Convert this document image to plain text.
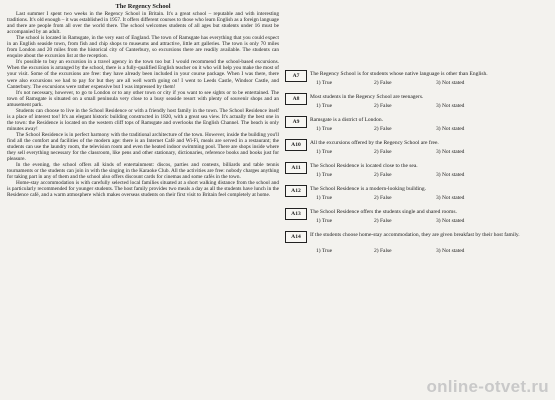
The Regency School

Last summer I spent two weeks in the Regency School in Britain. It's a great school – reputable and with interesting traditions. It's old enough – it was established in 1957. It offers different courses to those who learn English as a foreign language and there are people from all over the world there. The school welcomes students of all ages but students under 16 must be accompanied by an adult.

The school is located in Ramsgate, in the very east of England. The town of Ramsgate has everything that you could expect in an English seaside town, from fish and chip shops to museums and attractive, little art galleries. The town is only 70 miles from London and 20 miles from the historical city of Canterbury, so excursions there are readily available. The students can enquire about the excursion list at the reception.

It's possible to buy an excursion in a travel agency in the town too but I would recommend the school-based excursions. When the excursion is arranged by the school, there is a fully-qualified English teacher on it who will help you make the most of your visit. Some of the excursions are free: they have already been included in your course package. When I was there, there were also excursions we had to pay for but they are all well worth going on! I went to Leeds Castle, Windsor Castle, and Canterbury. The excursions were rather expensive but I was impressed by them!

It's not necessary, however, to go to London or to any other town or city if you want to see sights or to be entertained. The town of Ramsgate is situated on a small peninsula very close to a busy seaside resort with plenty of souvenir shops and an amusement park.

Students can choose to live in the School Residence or with a friendly host family in the town. The School Residence itself is a place of interest too! It's an elegant historic building constructed in 1820, with a great sea view. It's actually the best one in the town: the Residence is located on the western cliff tops of Ramsgate and overlooks the English Channel. The beach is only minutes away!

The School Residence is in perfect harmony with the traditional architecture of the town. However, inside the building you'll find all the comfort and facilities of the modern age: there is an Internet Café and Wi-Fi, meals are served in a restaurant; the students can use the laundry room, the television room and even the heated indoor swimming pool. There are shops inside where they sell everything necessary for the classroom, like pens and other stationary, dictionaries, reference books and books just for pleasure.

In the evening, the school offers all kinds of entertainment: discos, parties and contests, billiards and table tennis tournaments or the students can join in with the singing in the Karaoke Club. All the activities are free: nobody charges anything for taking part in any of them and the school also offers discount cards for cinemas and some cafés in the town.

Home-stay accommodation is with carefully selected local families situated at a short walking distance from the school and is particularly recommended for younger students. The host family provides two meals a day as all the students have lunch in the Residence café, and a warm atmosphere which makes overseas students on their first visit to Britain feel completely at home.

A7	The Regency School is for students whose native language is other than English.
1) True	2) False	3) Not stated
A8	Most students in the Regency School are teenagers.
1) True	2) False	3) Not stated
A9	Ramsgate is a district of London.
1) True	2) False	3) Not stated
A10	All the excursions offered by the Regency School are free.
1) True	2) False	3) Not stated
A11	The School Residence is located close to the sea.
1) True	2) False	3) Not stated
A12	The School Residence is a modern-looking building.
1) True	2) False	3) Not stated
A13	The School Residence offers the students single and shared rooms.
1) True	2) False	3) Not stated
A14	If the students choose home-stay accommodation, they are given breakfast by their host family.
1) True	2) False	3) Not stated
online-otvet.ru
